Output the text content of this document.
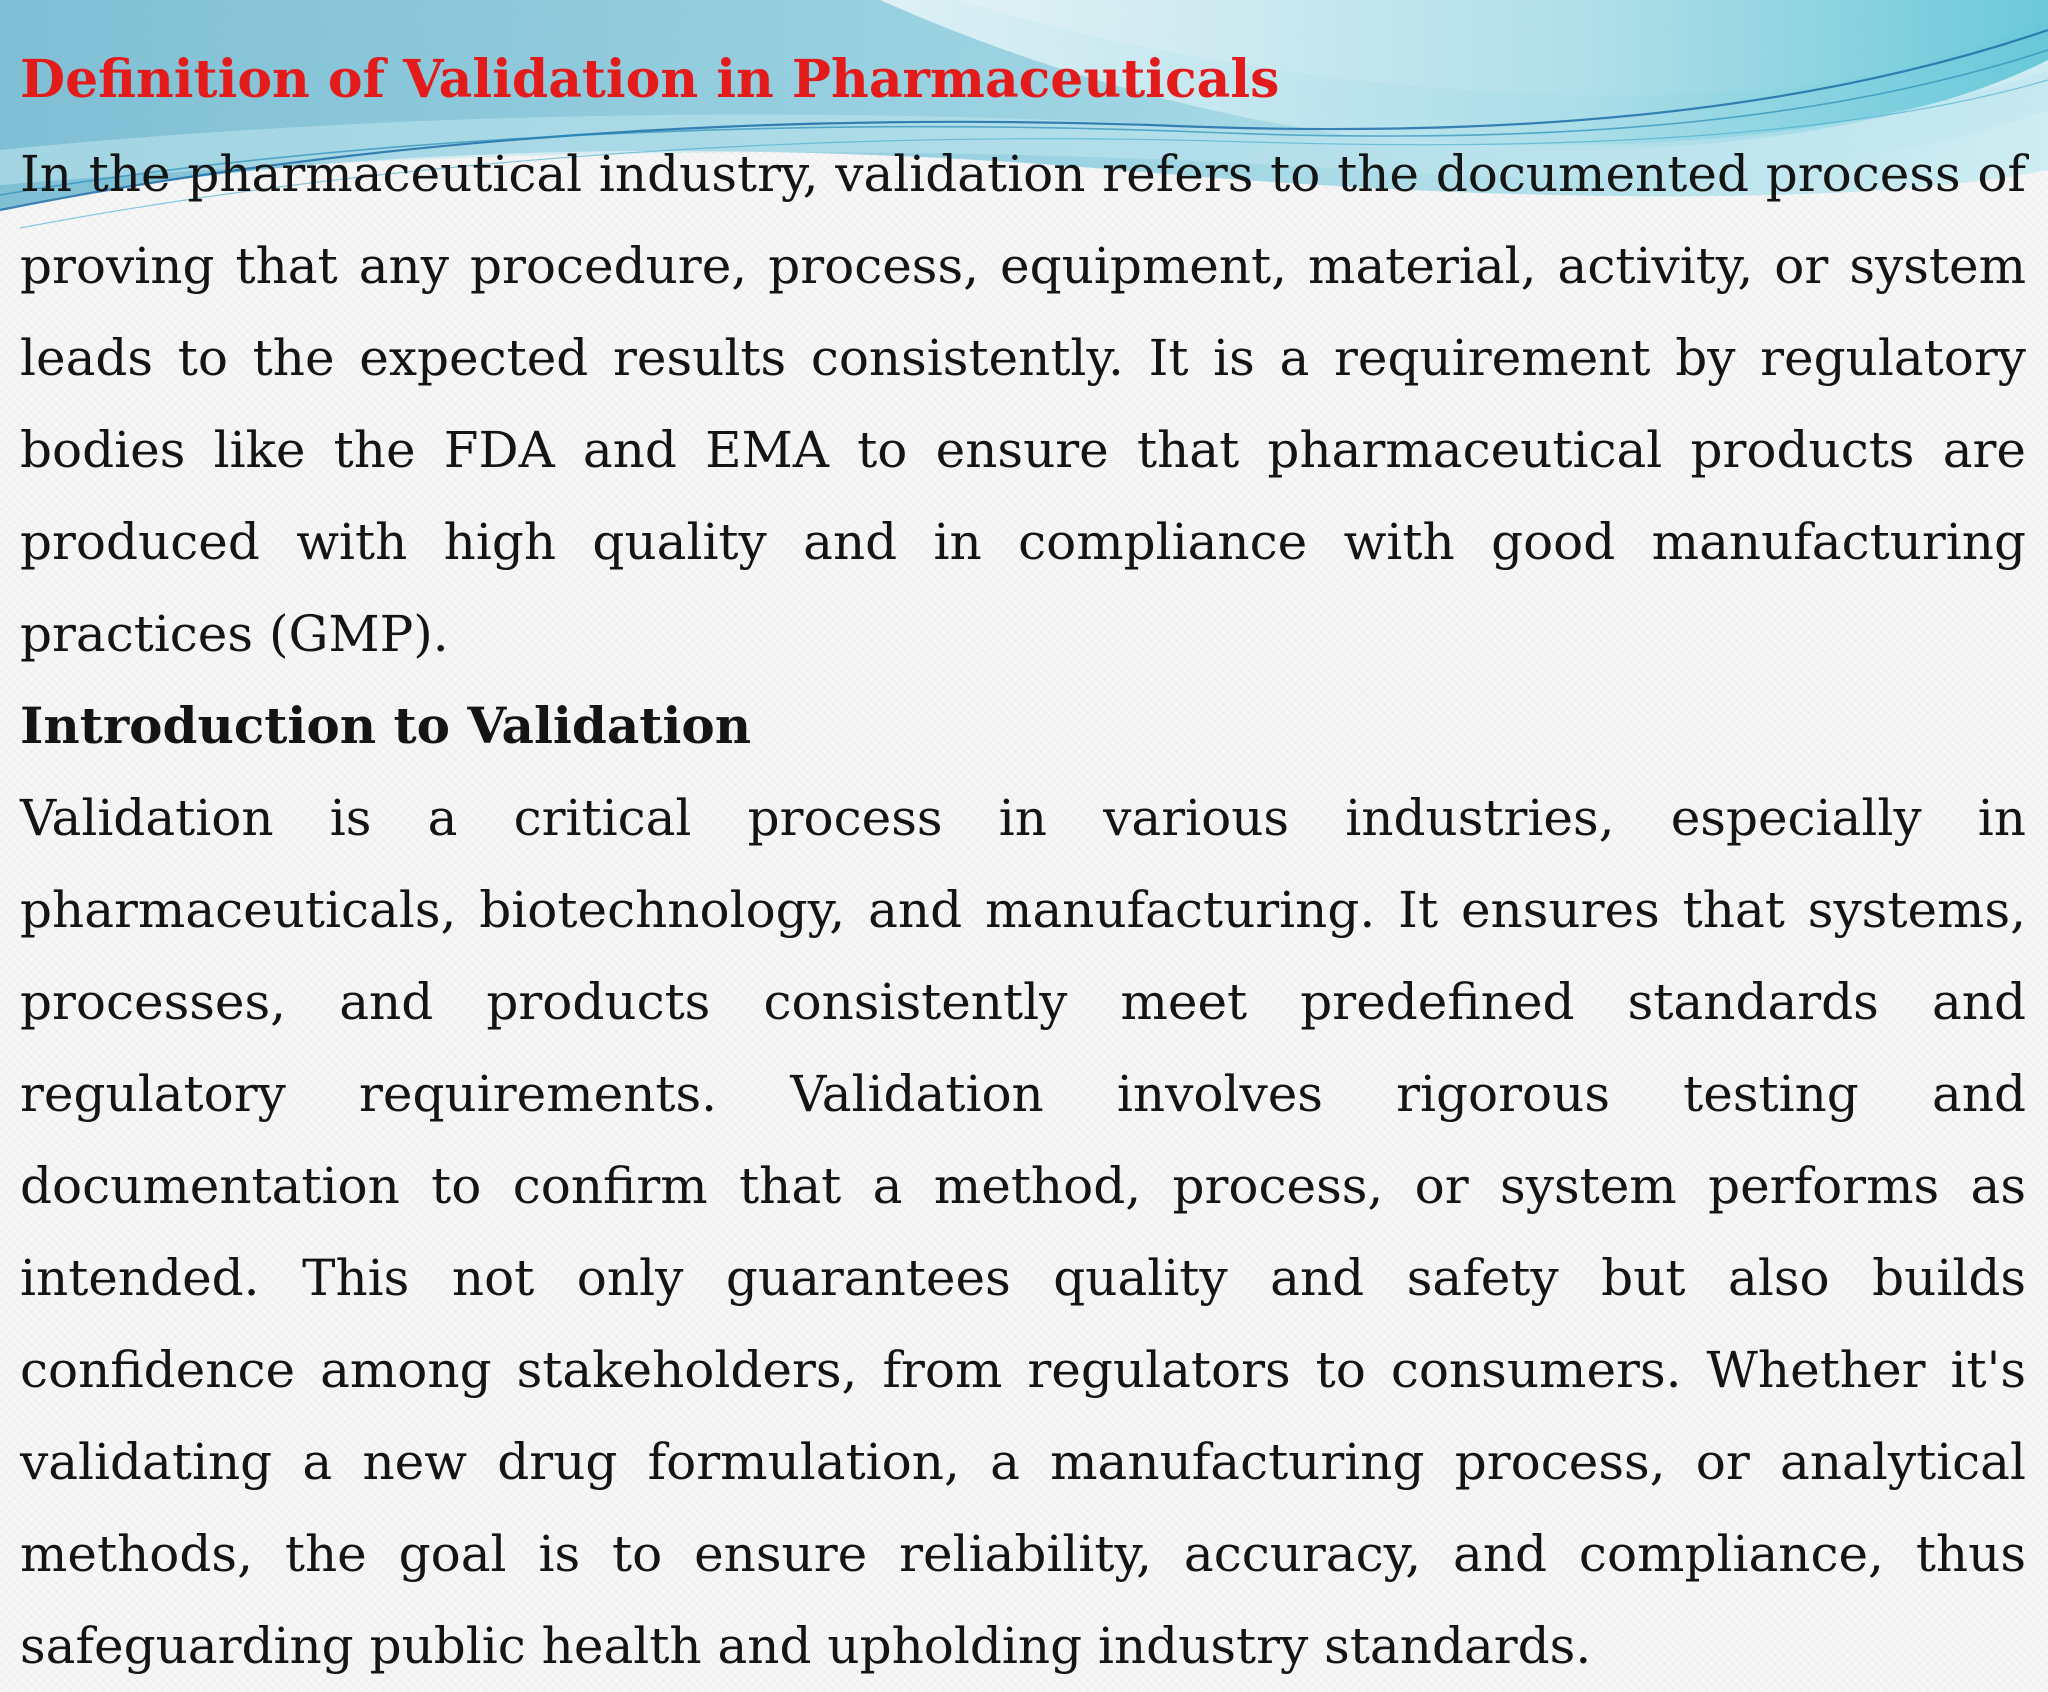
Definition of Validation in Pharmaceuticals

In the pharmaceutical industry, validation refers to the documented process of proving that any procedure, process, equipment, material, activity, or system leads to the expected results consistently. It is a requirement by regulatory bodies like the FDA and EMA to ensure that pharmaceutical products are produced with high quality and in compliance with good manufacturing practices (GMP).

Introduction to Validation

Validation is a critical process in various industries, especially in pharmaceuticals, biotechnology, and manufacturing. It ensures that systems, processes, and products consistently meet predefined standards and regulatory requirements. Validation involves rigorous testing and documentation to confirm that a method, process, or system performs as intended. This not only guarantees quality and safety but also builds confidence among stakeholders, from regulators to consumers. Whether it's validating a new drug formulation, a manufacturing process, or analytical methods, the goal is to ensure reliability, accuracy, and compliance, thus safeguarding public health and upholding industry standards.
